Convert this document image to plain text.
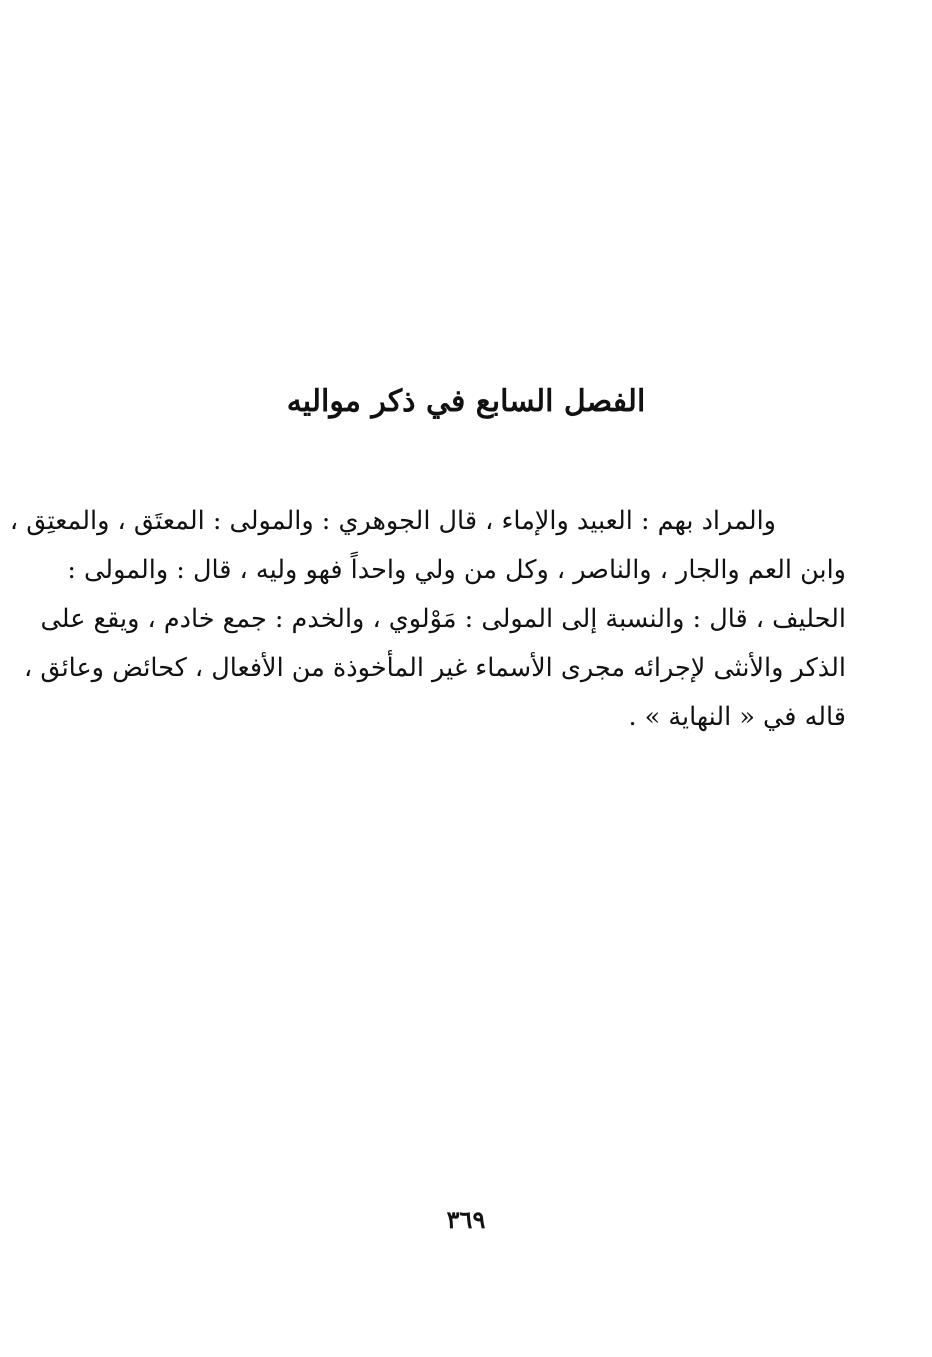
الفصل السابع في ذكر مواليه
والمراد بهم : العبيد والإماء ، قال الجوهري : والمولى : المعتَق ، والمعتِق ،
وابن العم والجار ، والناصر ، وكل من ولي واحداً فهو وليه ، قال : والمولى :
الحليف ، قال : والنسبة إلى المولى : مَوْلوي ، والخدم : جمع خادم ، ويقع على
الذكر والأنثى لإجرائه مجرى الأسماء غير المأخوذة من الأفعال ، كحائض وعائق ،
قاله في « النهاية » .
٣٦٩
